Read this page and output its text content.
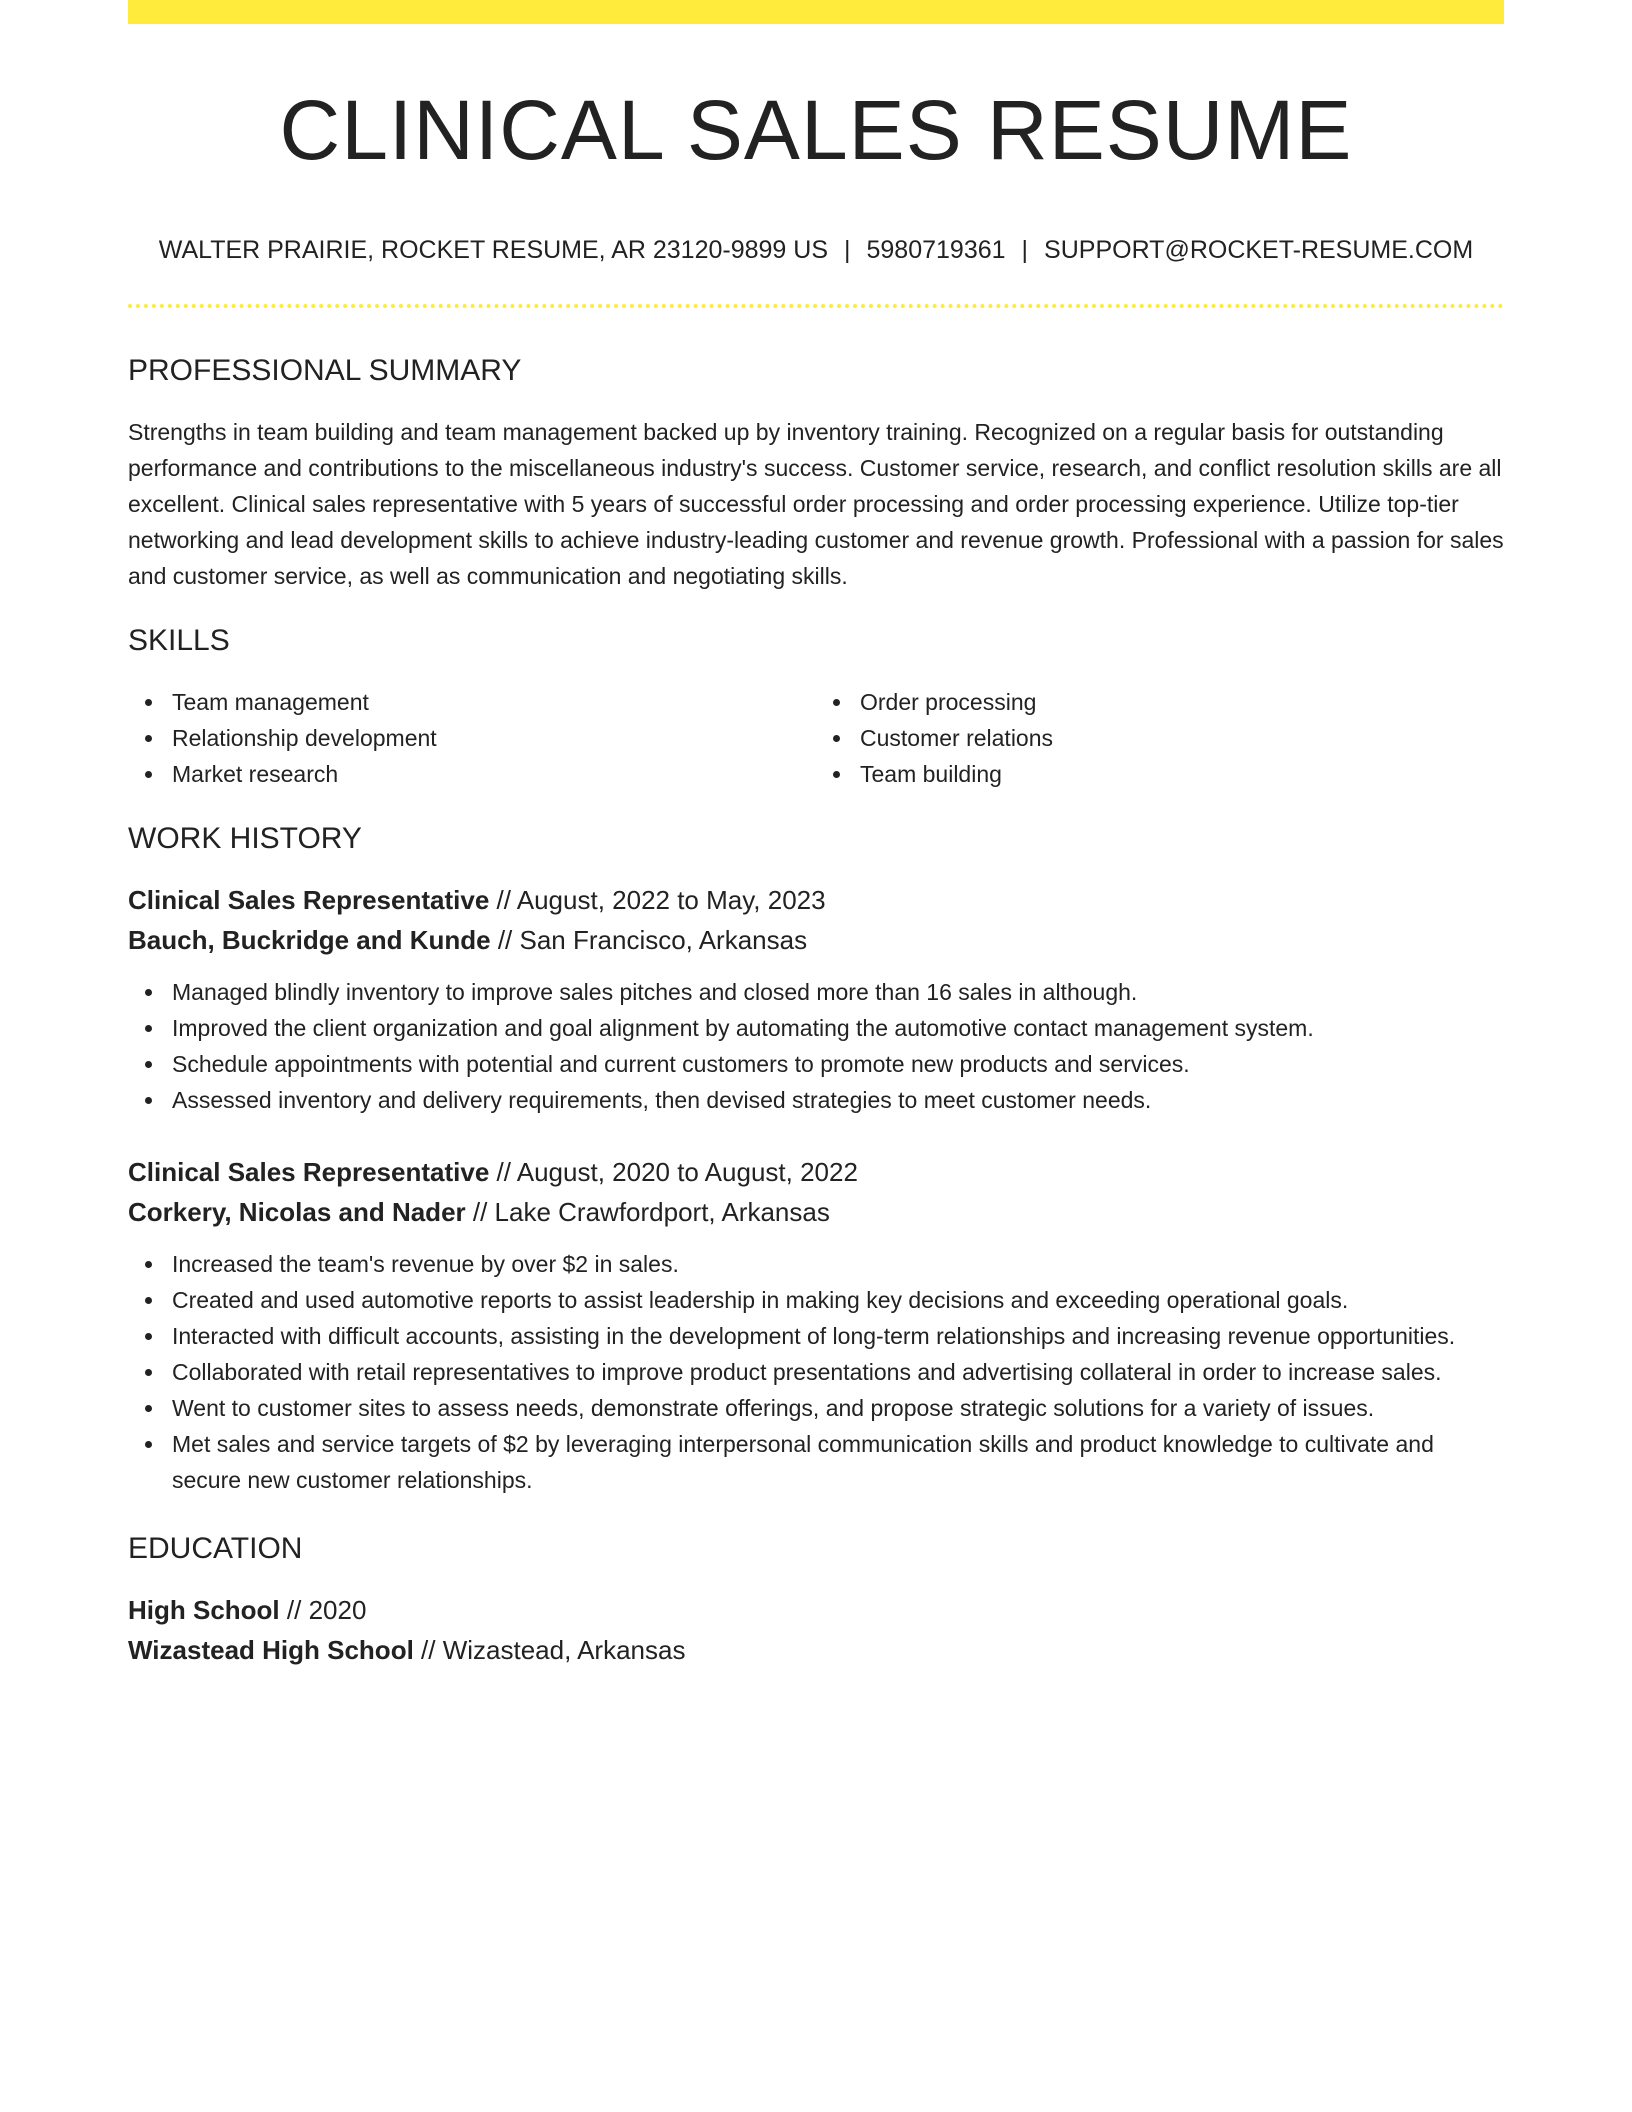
CLINICAL SALES RESUME
WALTER PRAIRIE, ROCKET RESUME, AR 23120-9899 US | 5980719361 | SUPPORT@ROCKET-RESUME.COM
PROFESSIONAL SUMMARY

Strengths in team building and team management backed up by inventory training. Recognized on a regular basis for outstanding performance and contributions to the miscellaneous industry's success. Customer service, research, and conflict resolution skills are all excellent. Clinical sales representative with 5 years of successful order processing and order processing experience. Utilize top-tier networking and lead development skills to achieve industry-leading customer and revenue growth. Professional with a passion for sales and customer service, as well as communication and negotiating skills.

SKILLS
Team management
Relationship development
Market research
Order processing
Customer relations
Team building
WORK HISTORY
Clinical Sales Representative // August, 2022 to May, 2023
Bauch, Buckridge and Kunde // San Francisco, Arkansas
Managed blindly inventory to improve sales pitches and closed more than 16 sales in although.
Improved the client organization and goal alignment by automating the automotive contact management system.
Schedule appointments with potential and current customers to promote new products and services.
Assessed inventory and delivery requirements, then devised strategies to meet customer needs.
Clinical Sales Representative // August, 2020 to August, 2022
Corkery, Nicolas and Nader // Lake Crawfordport, Arkansas
Increased the team's revenue by over $2 in sales.
Created and used automotive reports to assist leadership in making key decisions and exceeding operational goals.
Interacted with difficult accounts, assisting in the development of long-term relationships and increasing revenue opportunities.
Collaborated with retail representatives to improve product presentations and advertising collateral in order to increase sales.
Went to customer sites to assess needs, demonstrate offerings, and propose strategic solutions for a variety of issues.
Met sales and service targets of $2 by leveraging interpersonal communication skills and product knowledge to cultivate and secure new customer relationships.
EDUCATION
High School // 2020
Wizastead High School // Wizastead, Arkansas
